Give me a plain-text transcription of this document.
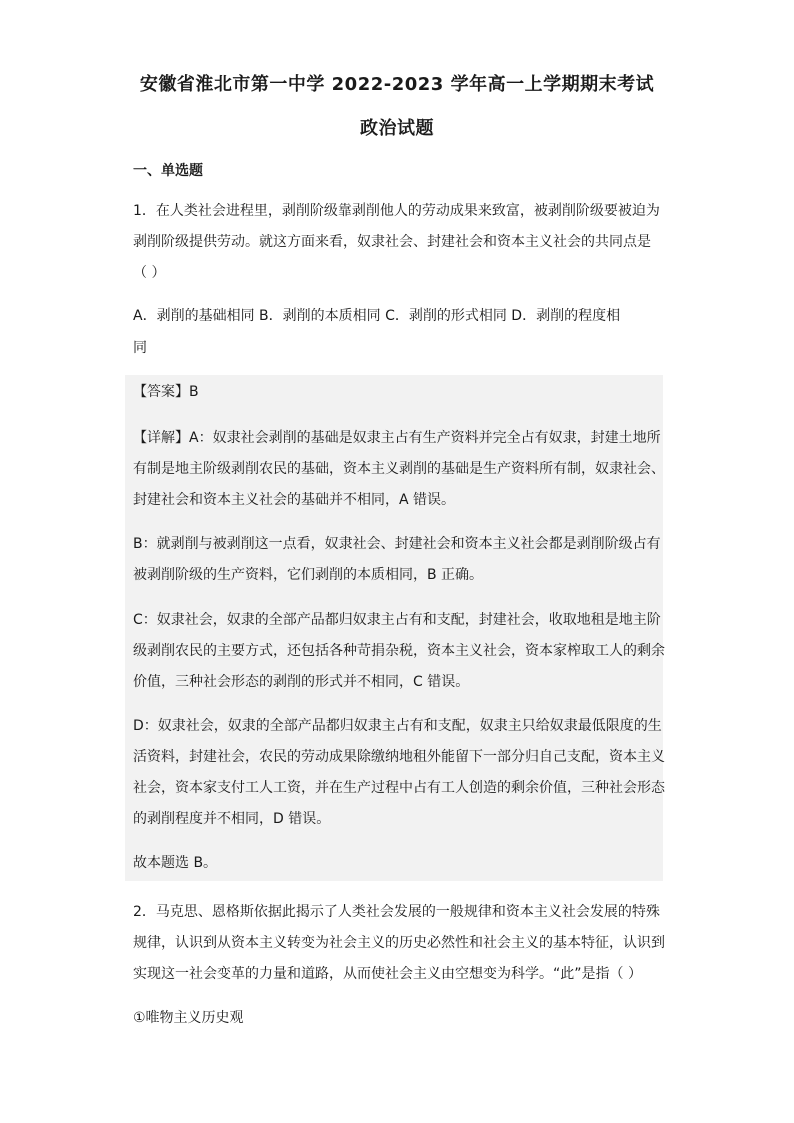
安徽省淮北市第一中学 2022-2023 学年高一上学期期末考试
政治试题
一、单选题
1．在人类社会进程里，剥削阶级靠剥削他人的劳动成果来致富，被剥削阶级要被迫为
剥削阶级提供劳动。就这方面来看，奴隶社会、封建社会和资本主义社会的共同点是
（ ）
A．剥削的基础相同 B．剥削的本质相同 C．剥削的形式相同 D．剥削的程度相
同
【答案】B
【详解】A：奴隶社会剥削的基础是奴隶主占有生产资料并完全占有奴隶，封建土地所
有制是地主阶级剥削农民的基础，资本主义剥削的基础是生产资料所有制，奴隶社会、
封建社会和资本主义社会的基础并不相同，A 错误。
B：就剥削与被剥削这一点看，奴隶社会、封建社会和资本主义社会都是剥削阶级占有
被剥削阶级的生产资料，它们剥削的本质相同，B 正确。
C：奴隶社会，奴隶的全部产品都归奴隶主占有和支配，封建社会，收取地租是地主阶
级剥削农民的主要方式，还包括各种苛捐杂税，资本主义社会，资本家榨取工人的剩余
价值，三种社会形态的剥削的形式并不相同，C 错误。
D：奴隶社会，奴隶的全部产品都归奴隶主占有和支配，奴隶主只给奴隶最低限度的生
活资料，封建社会，农民的劳动成果除缴纳地租外能留下一部分归自己支配，资本主义
社会，资本家支付工人工资，并在生产过程中占有工人创造的剩余价值，三种社会形态
的剥削程度并不相同，D 错误。
故本题选 B。
2．马克思、恩格斯依据此揭示了人类社会发展的一般规律和资本主义社会发展的特殊
规律，认识到从资本主义转变为社会主义的历史必然性和社会主义的基本特征，认识到
实现这一社会变革的力量和道路，从而使社会主义由空想变为科学。“此”是指（ ）
①唯物主义历史观
